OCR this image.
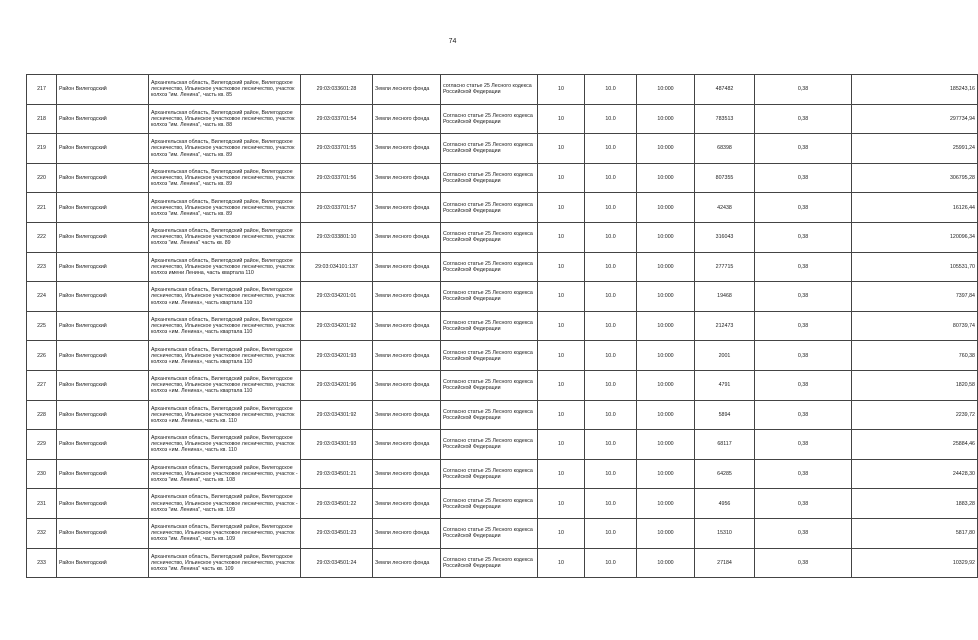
74
217	Район Вилегодский	Архангельская область, Вилегодский район, Вилегодское лесничество, Ильинское участковое лесничество, участок колхоз "им. Ленина", часть кв. 85	29:03:033601:28	Земли лесного фонда	согласно статье 25 Лесного кодекса Российской Федерации	10	10.0	10:000	487482	0,38	185243,16
218	Район Вилегодский	Архангельская область, Вилегодский район, Вилегодское лесничество, Ильинское участковое лесничество, участок колхоз "им. Ленина", часть кв. 88	29:03:033701:54	Земли лесного фонда	Согласно статье 25 Лесного кодекса Российской Федерации	10	10.0	10:000	783513	0,38	297734,94
219	Район Вилегодский	Архангельская область, Вилегодский район, Вилегодское лесничество, Ильинское участковое лесничество, участок колхоз "им. Ленина", часть кв. 89	29:03:033701:55	Земли лесного фонда	Согласно статье 25 Лесного кодекса Российской Федерации	10	10.0	10:000	68398	0,38	25991,24
220	Район Вилегодский	Архангельская область, Вилегодский район, Вилегодское лесничество, Ильинское участковое лесничество, участок колхоз "им. Ленина", часть кв. 89	29:03:033701:56	Земли лесного фонда	Согласно статье 25 Лесного кодекса Российской Федерации	10	10.0	10:000	807355	0,38	306795,28
221	Район Вилегодский	Архангельская область, Вилегодский район, Вилегодское лесничество, Ильинское участковое лесничество, участок колхоз "им. Ленина", часть кв. 89	29:03:033701:57	Земли лесного фонда	Согласно статье 25 Лесного кодекса Российской Федерации	10	10.0	10:000	42438	0,38	16126,44
222	Район Вилегодский	Архангельская область, Вилегодский район, Вилегодское лесничество, Ильинское участковое лесничество, участок колхоз "им. Ленина" часть кв. 89	29:03:033801:10	Земли лесного фонда	Согласно статье 25 Лесного кодекса Российской Федерации	10	10.0	10:000	316043	0,38	120096,34
223	Район Вилегодский	Архангельская область, Вилегодский район, Вилегодское лесничество, Ильинское участковое лесничество, участок колхоз имени Ленина, часть квартала 110	29:03:034101:137	Земли лесного фонда	Согласно статье 25 Лесного кодекса Российской Федерации	10	10.0	10:000	277715	0,38	105531,70
224	Район Вилегодский	Архангельская область, Вилегодский район, Вилегодское лесничество, Ильинское участковое лесничество, участок колхоз «им. Ленина», часть квартала 110	29:03:034201:01	Земли лесного фонда	Согласно статье 25 Лесного кодекса Российской Федерации	10	10.0	10:000	19468	0,38	7397,84
225	Район Вилегодский	Архангельская область, Вилегодский район, Вилегодское лесничество, Ильинское участковое лесничество, участок колхоз «им. Ленина», часть квартала 110	29:03:034201:92	Земли лесного фонда	Согласно статье 25 Лесного кодекса Российской Федерации	10	10.0	10:000	212473	0,38	80739,74
226	Район Вилегодский	Архангельская область, Вилегодский район, Вилегодское лесничество, Ильинское участковое лесничество, участок колхоз «им. Ленина», часть квартала 110	29:03:034201:93	Земли лесного фонда	Согласно статье 25 Лесного кодекса Российской Федерации	10	10.0	10:000	2001	0,38	760,38
227	Район Вилегодский	Архангельская область, Вилегодский район, Вилегодское лесничество, Ильинское участковое лесничество, участок колхоз «им. Ленина», часть квартала 110	29:03:034201:96	Земли лесного фонда	Согласно статье 25 Лесного кодекса Российской Федерации	10	10.0	10:000	4791	0,38	1820,58
228	Район Вилегодский	Архангельская область, Вилегодский район, Вилегодское лесничество, Ильинское участковое лесничество, участок колхоз «им. Ленина», часть кв. 110	29:03:034301:92	Земли лесного фонда	Согласно статье 25 Лесного кодекса Российской Федерации	10	10.0	10:000	5894	0,38	2239,72
229	Район Вилегодский	Архангельская область, Вилегодский район, Вилегодское лесничество, Ильинское участковое лесничество, участок колхоз «им. Ленина», часть кв. 110	29:03:034301:93	Земли лесного фонда	Согласно статье 25 Лесного кодекса Российской Федерации	10	10.0	10:000	68117	0,38	25884,46
230	Район Вилегодский	Архангельская область, Вилегодский район, Вилегодское лесничество, Ильинское участковое лесничество, участок - колхоз "им. Ленина", часть кв. 108	29:03:034501:21	Земли лесного фонда	Согласно статье 25 Лесного кодекса Российской Федерации	10	10.0	10:000	64285	0,38	24428,30
231	Район Вилегодский	Архангельская область, Вилегодский район, Вилегодское лесничество, Ильинское участковое лесничество, участок - колхоз "им. Ленина", часть кв. 109	29:03:034501:22	Земли лесного фонда	Согласно статье 25 Лесного кодекса Российской Федерации	10	10.0	10:000	4956	0,38	1883,28
232	Район Вилегодский	Архангельская область, Вилегодский район, Вилегодское лесничество, Ильинское участковое лесничество, участок колхоз "им. Ленина", часть кв. 109	29:03:034501:23	Земли лесного фонда	Согласно статье 25 Лесного кодекса Российской Федерации	10	10.0	10:000	15310	0,38	5817,80
233	Район Вилегодский	Архангельская область, Вилегодский район, Вилегодское лесничество, Ильинское участковое лесничество, участок колхоз "им. Ленина" часть кв. 109	29:03:034501:24	Земли лесного фонда	Согласно статье 25 Лесного кодекса Российской Федерации	10	10.0	10:000	27184	0,38	10329,92
